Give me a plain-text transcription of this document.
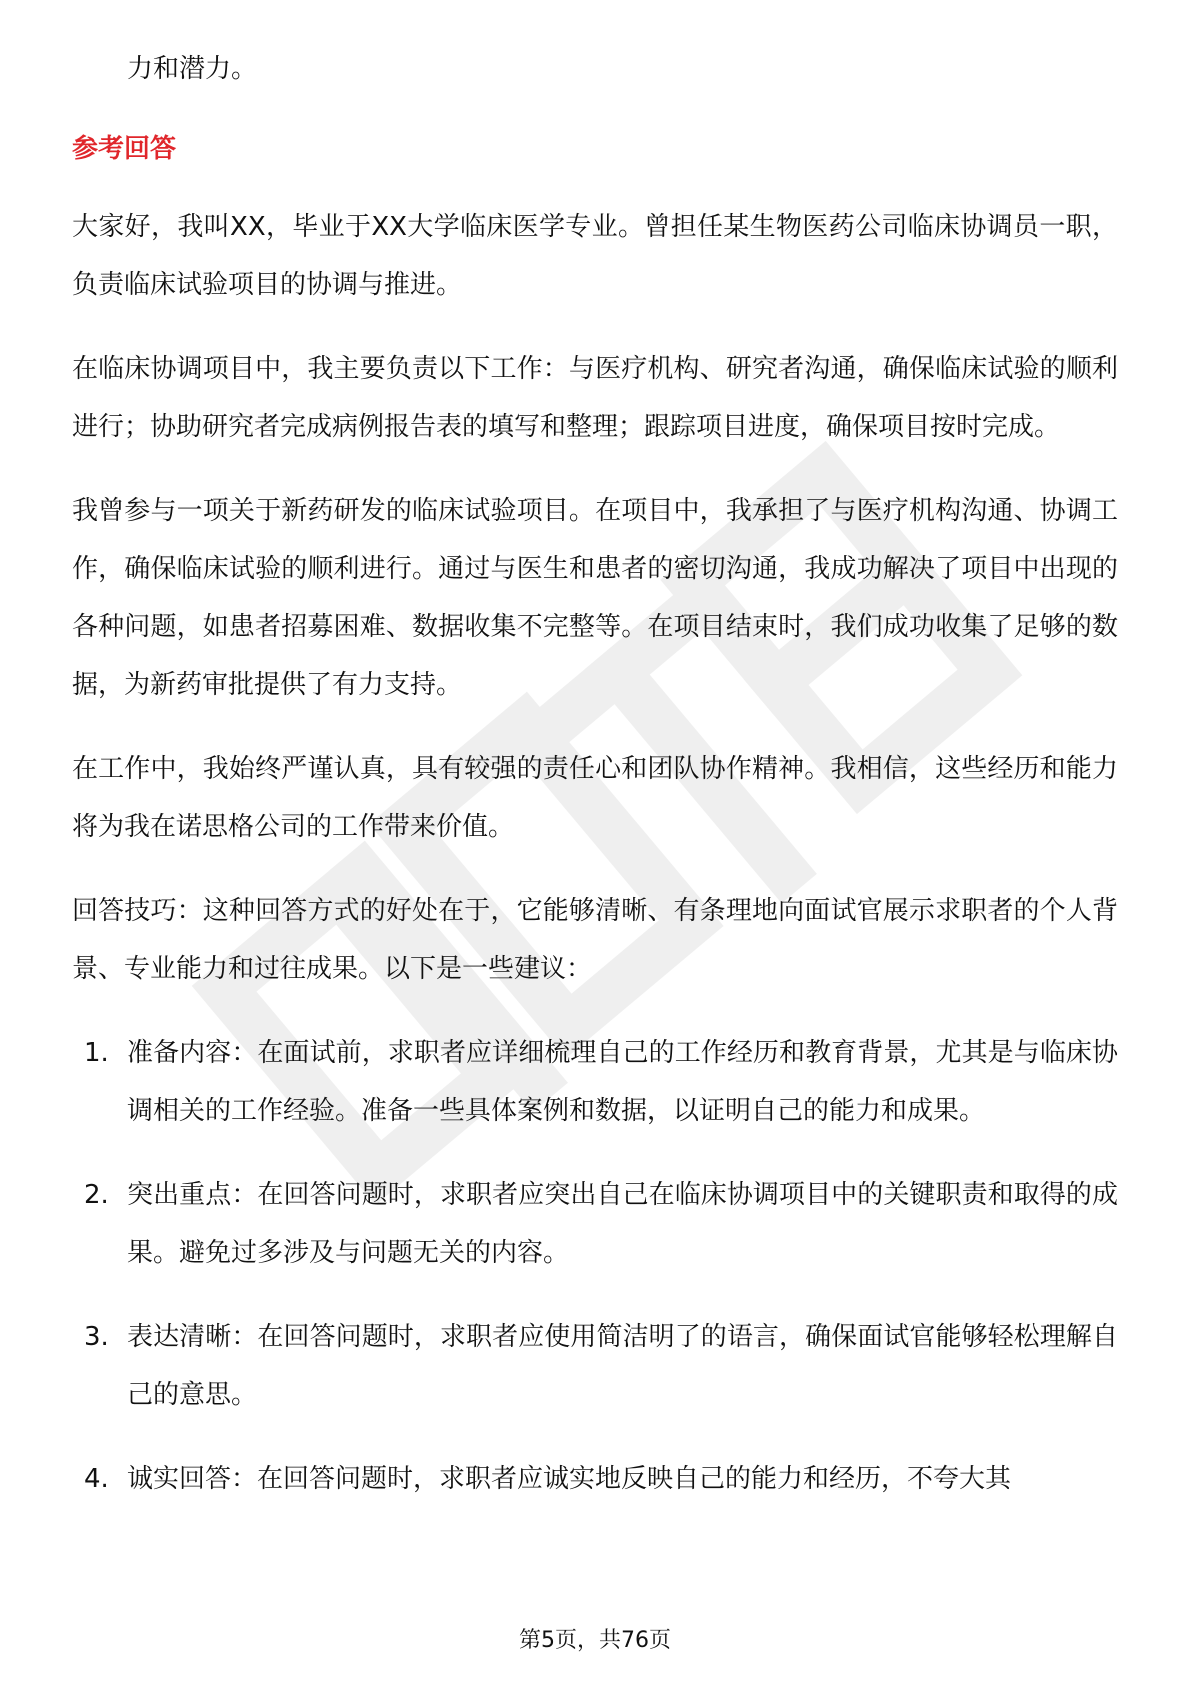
力和潜力。

参考回答

大家好，我叫XX，毕业于XX大学临床医学专业。曾担任某生物医药公司临床协调员一职，负责临床试验项目的协调与推进。

在临床协调项目中，我主要负责以下工作：与医疗机构、研究者沟通，确保临床试验的顺利进行；协助研究者完成病例报告表的填写和整理；跟踪项目进度，确保项目按时完成。

我曾参与一项关于新药研发的临床试验项目。在项目中，我承担了与医疗机构沟通、协调工作，确保临床试验的顺利进行。通过与医生和患者的密切沟通，我成功解决了项目中出现的各种问题，如患者招募困难、数据收集不完整等。在项目结束时，我们成功收集了足够的数据，为新药审批提供了有力支持。

在工作中，我始终严谨认真，具有较强的责任心和团队协作精神。我相信，这些经历和能力将为我在诺思格公司的工作带来价值。

回答技巧：这种回答方式的好处在于，它能够清晰、有条理地向面试官展示求职者的个人背景、专业能力和过往成果。以下是一些建议：

1. 准备内容：在面试前，求职者应详细梳理自己的工作经历和教育背景，尤其是与临床协调相关的工作经验。准备一些具体案例和数据，以证明自己的能力和成果。
2. 突出重点：在回答问题时，求职者应突出自己在临床协调项目中的关键职责和取得的成果。避免过多涉及与问题无关的内容。
3. 表达清晰：在回答问题时，求职者应使用简洁明了的语言，确保面试官能够轻松理解自己的意思。
4. 诚实回答：在回答问题时，求职者应诚实地反映自己的能力和经历，不夸大其
第5页，共76页
